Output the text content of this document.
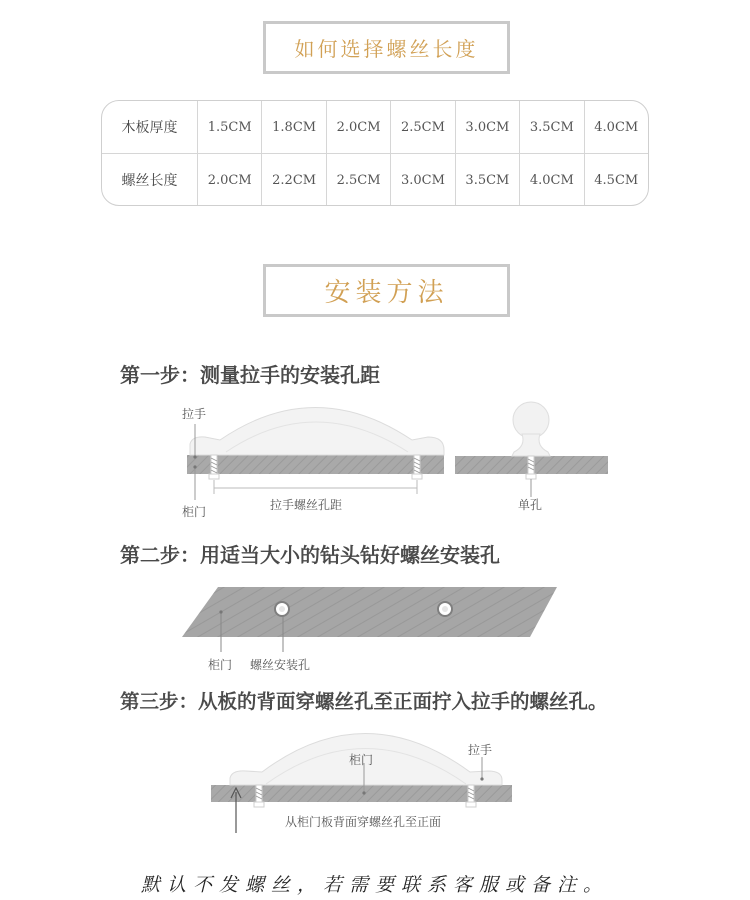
如何选择螺丝长度
木板厚度	1.5CM	1.8CM	2.0CM	2.5CM	3.0CM	3.5CM	4.0CM
螺丝长度	2.0CM	2.2CM	2.5CM	3.0CM	3.5CM	4.0CM	4.5CM
安装方法
第一步：测量拉手的安装孔距
第二步：用适当大小的钻头钻好螺丝安装孔
第三步：从板的背面穿螺丝孔至正面拧入拉手的螺丝孔。
拉手
柜门	拉手螺丝孔距	单孔
柜门 螺丝安装孔
柜门
拉手
从柜门板背面穿螺丝孔至正面
默认不发螺丝，若需要联系客服或备注。
